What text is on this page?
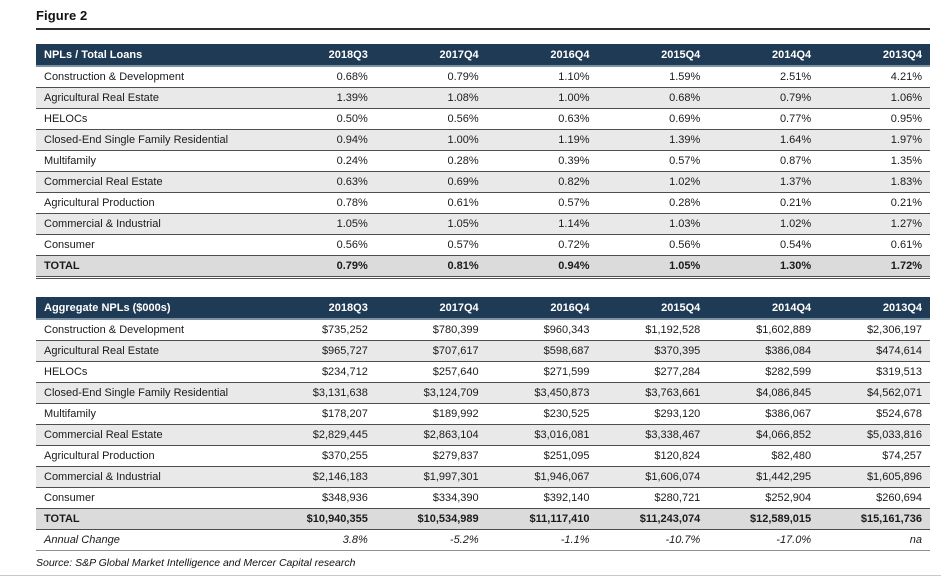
Figure 2
NPLs / Total Loans	2018Q3	2017Q4	2016Q4	2015Q4	2014Q4	2013Q4
Construction & Development	0.68%	0.79%	1.10%	1.59%	2.51%	4.21%
Agricultural Real Estate	1.39%	1.08%	1.00%	0.68%	0.79%	1.06%
HELOCs	0.50%	0.56%	0.63%	0.69%	0.77%	0.95%
Closed-End Single Family Residential	0.94%	1.00%	1.19%	1.39%	1.64%	1.97%
Multifamily	0.24%	0.28%	0.39%	0.57%	0.87%	1.35%
Commercial Real Estate	0.63%	0.69%	0.82%	1.02%	1.37%	1.83%
Agricultural Production	0.78%	0.61%	0.57%	0.28%	0.21%	0.21%
Commercial & Industrial	1.05%	1.05%	1.14%	1.03%	1.02%	1.27%
Consumer	0.56%	0.57%	0.72%	0.56%	0.54%	0.61%
TOTAL	0.79%	0.81%	0.94%	1.05%	1.30%	1.72%
Aggregate NPLs ($000s)	2018Q3	2017Q4	2016Q4	2015Q4	2014Q4	2013Q4
Construction & Development	$735,252	$780,399	$960,343	$1,192,528	$1,602,889	$2,306,197
Agricultural Real Estate	$965,727	$707,617	$598,687	$370,395	$386,084	$474,614
HELOCs	$234,712	$257,640	$271,599	$277,284	$282,599	$319,513
Closed-End Single Family Residential	$3,131,638	$3,124,709	$3,450,873	$3,763,661	$4,086,845	$4,562,071
Multifamily	$178,207	$189,992	$230,525	$293,120	$386,067	$524,678
Commercial Real Estate	$2,829,445	$2,863,104	$3,016,081	$3,338,467	$4,066,852	$5,033,816
Agricultural Production	$370,255	$279,837	$251,095	$120,824	$82,480	$74,257
Commercial & Industrial	$2,146,183	$1,997,301	$1,946,067	$1,606,074	$1,442,295	$1,605,896
Consumer	$348,936	$334,390	$392,140	$280,721	$252,904	$260,694
TOTAL	$10,940,355	$10,534,989	$11,117,410	$11,243,074	$12,589,015	$15,161,736
Annual Change	3.8%	-5.2%	-1.1%	-10.7%	-17.0%	na
Source: S&P Global Market Intelligence and Mercer Capital research
